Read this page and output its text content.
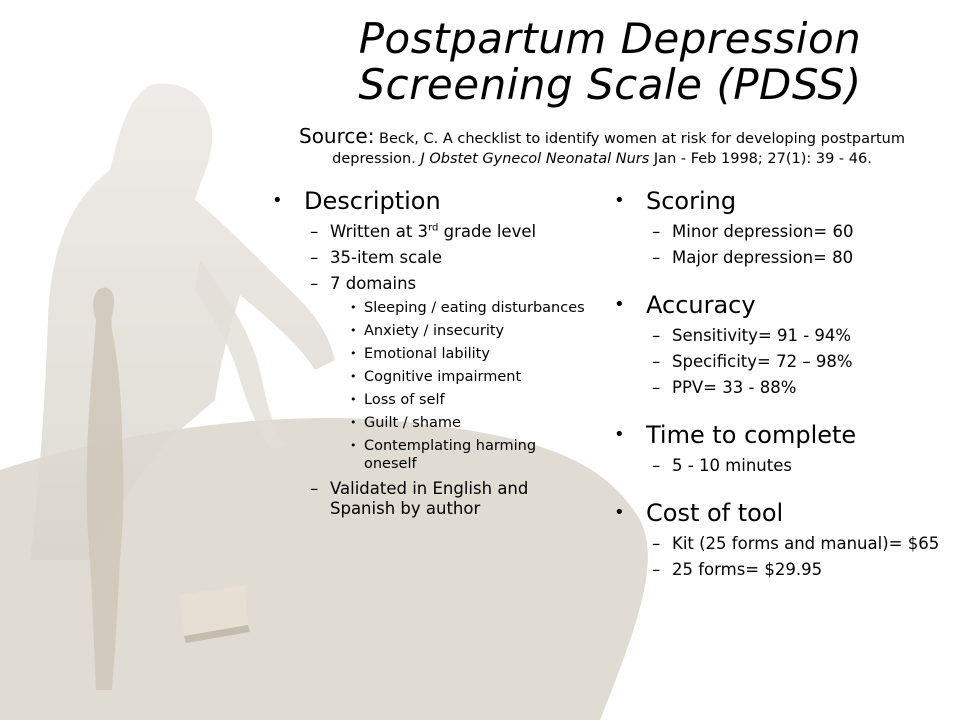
Postpartum Depression
Screening Scale (PDSS)
Source: Beck, C. A checklist to identify women at risk for developing postpartum depression. J Obstet Gynecol Neonatal Nurs Jan - Feb 1998; 27(1): 39 - 46.
• Description
– Written at 3rd grade level
– 35-item scale
– 7 domains
• Sleeping / eating disturbances
• Anxiety / insecurity
• Emotional lability
• Cognitive impairment
• Loss of self
• Guilt / shame
• Contemplating harming oneself
– Validated in English and Spanish by author
• Scoring
– Minor depression= 60
– Major depression= 80
• Accuracy
– Sensitivity= 91 - 94%
– Specificity= 72 – 98%
– PPV= 33 - 88%
• Time to complete
– 5 - 10 minutes
• Cost of tool
– Kit (25 forms and manual)= $65
– 25 forms= $29.95
